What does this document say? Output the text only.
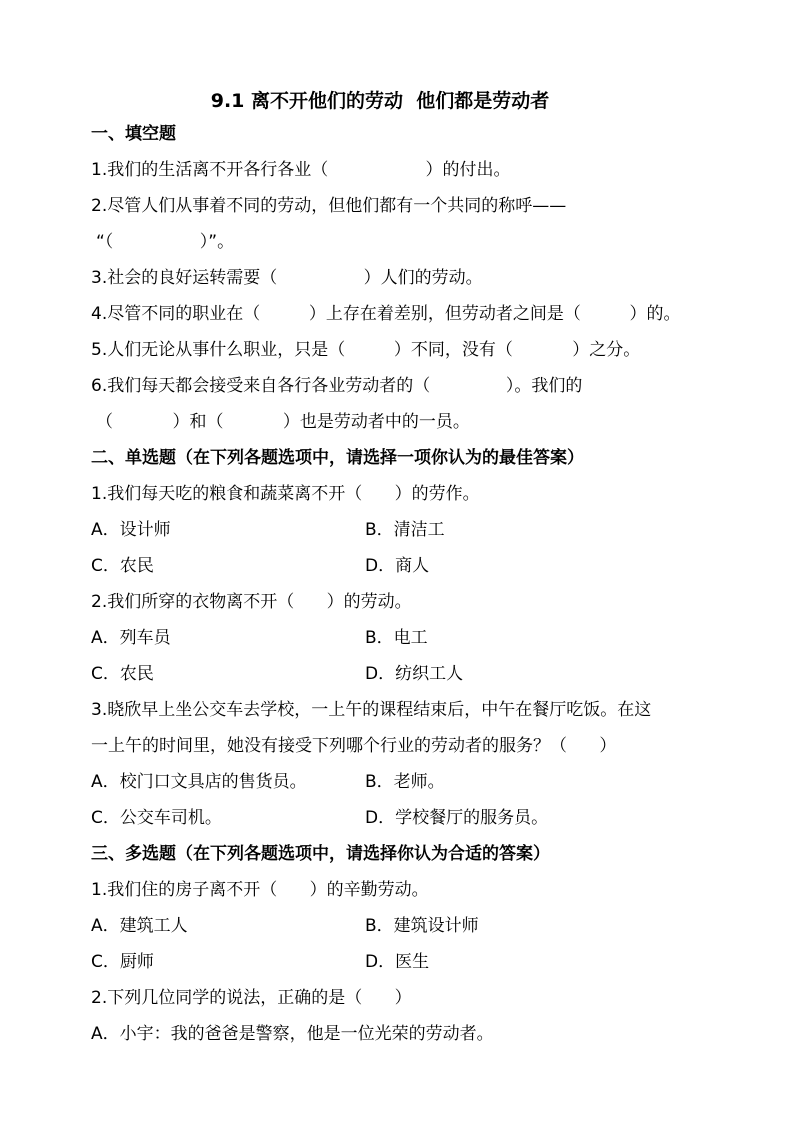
9.1 离不开他们的劳动  他们都是劳动者
一、填空题
1.我们的生活离不开各行各业（                  ）的付出。
2.尽管人们从事着不同的劳动，但他们都有一个共同的称呼——
“（                ）”。
3.社会的良好运转需要（                ）人们的劳动。
4.尽管不同的职业在（         ）上存在着差别，但劳动者之间是（         ）的。
5.人们无论从事什么职业，只是（         ）不同，没有（           ）之分。
6.我们每天都会接受来自各行各业劳动者的（              ）。我们的
（           ）和（           ）也是劳动者中的一员。
二、单选题（在下列各题选项中，请选择一项你认为的最佳答案）
1.我们每天吃的粮食和蔬菜离不开（      ）的劳作。
A．设计师	B．清洁工
C．农民	D．商人
2.我们所穿的衣物离不开（      ）的劳动。
A．列车员	B．电工
C．农民	D．纺织工人
3.晓欣早上坐公交车去学校，一上午的课程结束后，中午在餐厅吃饭。在这
一上午的时间里，她没有接受下列哪个行业的劳动者的服务？（      ）
A．校门口文具店的售货员。	B．老师。
C．公交车司机。	D．学校餐厅的服务员。
三、多选题（在下列各题选项中，请选择你认为合适的答案）
1.我们住的房子离不开（      ）的辛勤劳动。
A．建筑工人	B．建筑设计师
C．厨师	D．医生
2.下列几位同学的说法，正确的是（      ）
A．小宇：我的爸爸是警察，他是一位光荣的劳动者。
